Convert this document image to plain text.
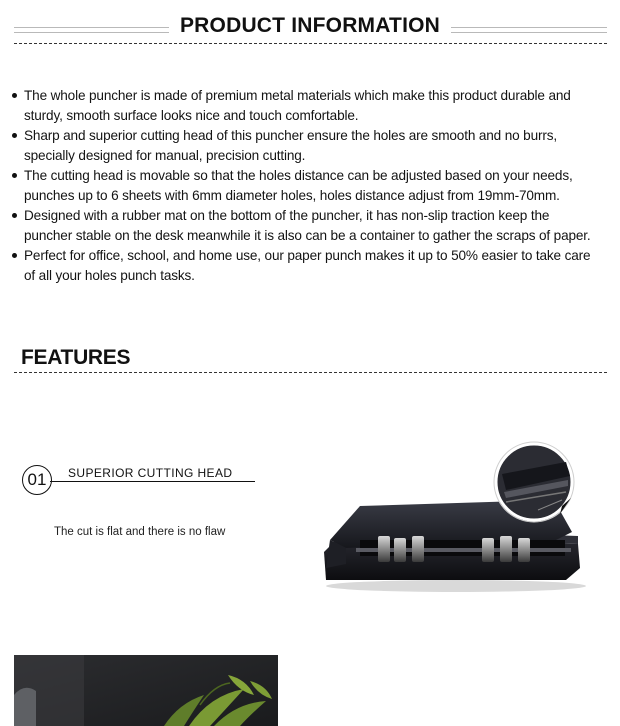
PRODUCT INFORMATION
The whole puncher is made of premium metal materials which make this product durable and sturdy, smooth surface looks nice and touch comfortable.
Sharp and superior cutting head of this puncher ensure the holes are smooth and no burrs, specially designed for manual, precision cutting.
The cutting head is movable so that the holes distance can be adjusted based on your needs, punches up to 6 sheets with 6mm diameter holes, holes distance adjust from 19mm-70mm.
Designed with a rubber mat on the bottom of the puncher, it has non-slip traction keep the puncher stable on the desk meanwhile it is also can be a container to gather the scraps of paper.
Perfect for office, school, and home use, our paper punch makes it up to 50% easier to take care of all your holes punch tasks.
FEATURES
01	SUPERIOR CUTTING HEAD
The cut is flat and there is no flaw
